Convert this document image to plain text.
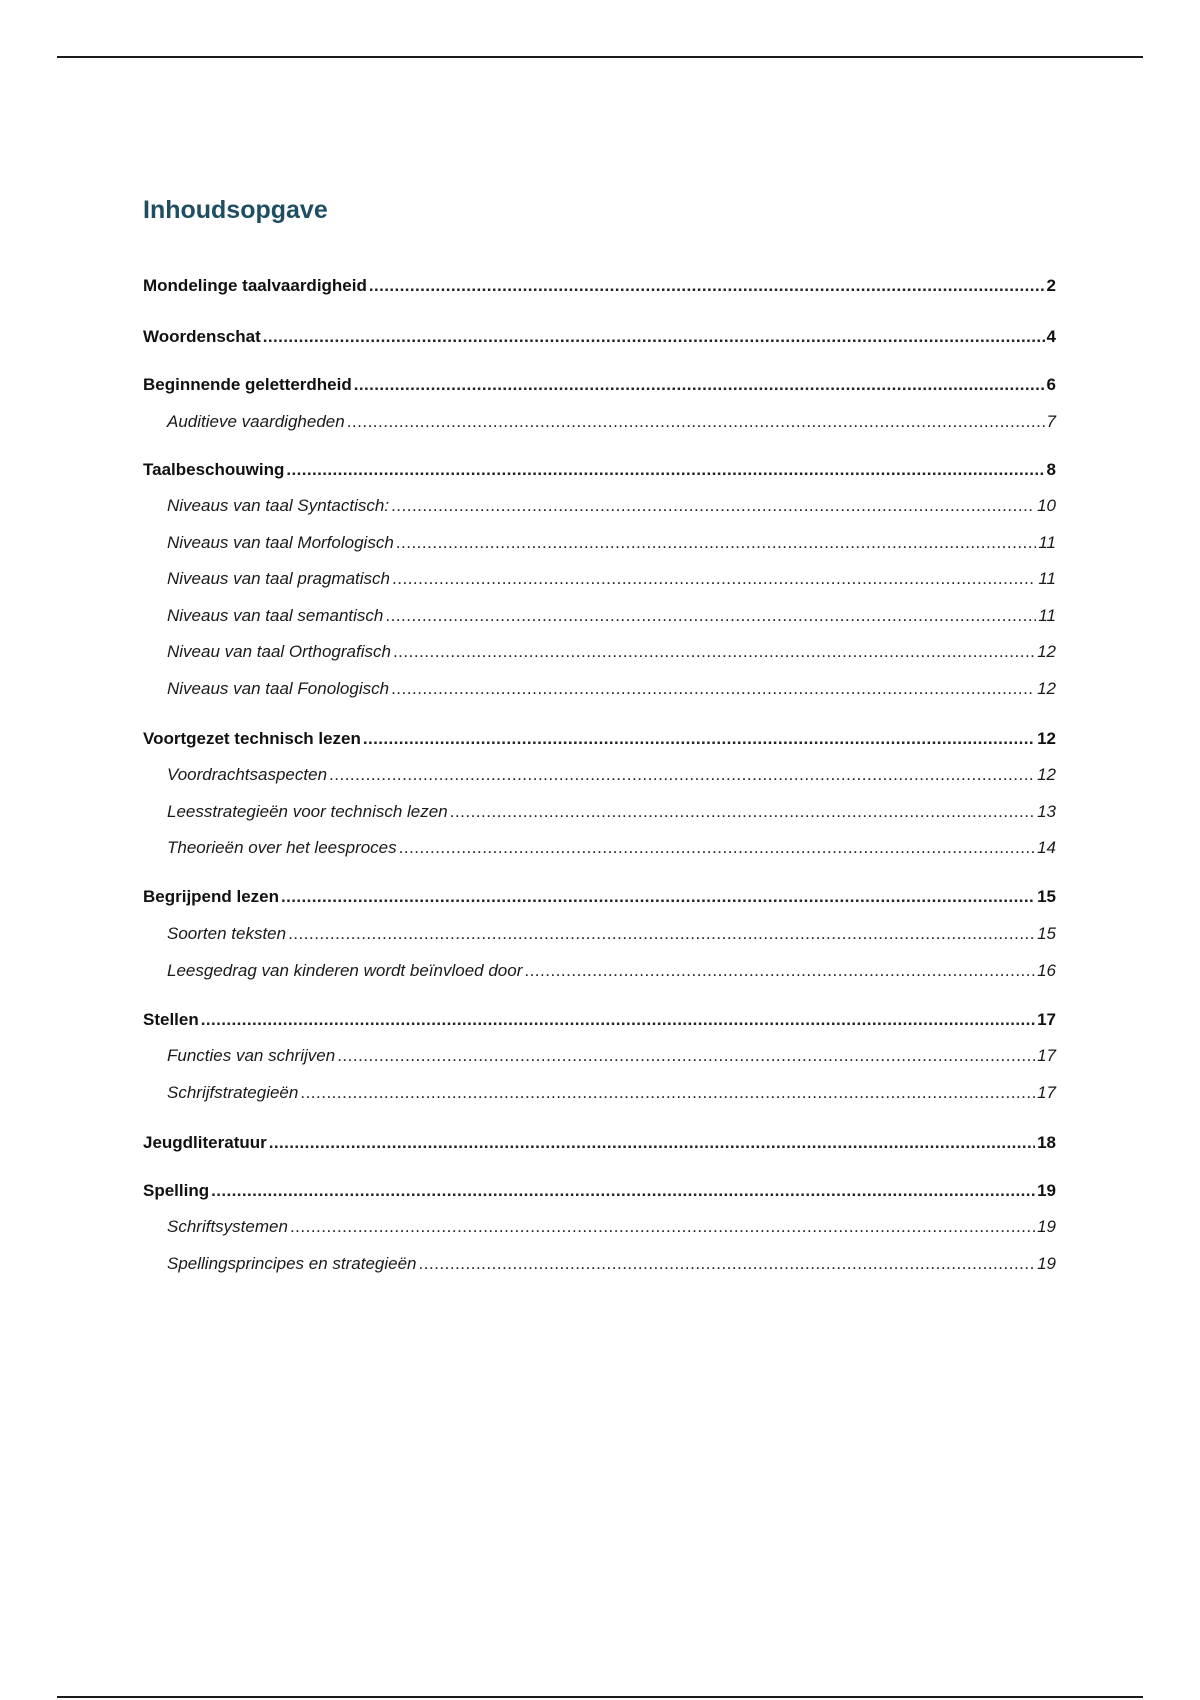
Inhoudsopgave
Mondelinge taalvaardigheid .....	2
Woordenschat .....	4
Beginnende geletterdheid .....	6
Auditieve vaardigheden .....	7
Taalbeschouwing .....	8
Niveaus van taal Syntactisch: .....	10
Niveaus van taal Morfologisch .....	11
Niveaus van taal pragmatisch .....	11
Niveaus van taal semantisch .....	11
Niveau van taal Orthografisch .....	12
Niveaus van taal Fonologisch .....	12
Voortgezet technisch lezen .....	12
Voordrachtsaspecten .....	12
Leesstrategieën voor technisch lezen .....	13
Theorieën over het leesproces .....	14
Begrijpend lezen .....	15
Soorten teksten .....	15
Leesgedrag van kinderen wordt beïnvloed door .....	16
Stellen .....	17
Functies van schrijven .....	17
Schrijfstrategieën .....	17
Jeugdliteratuur .....	18
Spelling .....	19
Schriftsystemen .....	19
Spellingsprincipes en strategieën .....	19
